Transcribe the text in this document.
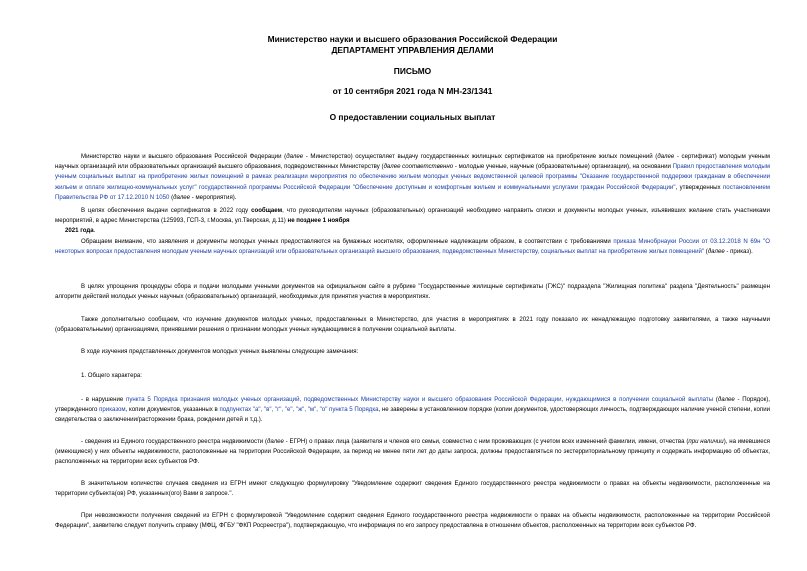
Министерство науки и высшего образования Российской Федерации
ДЕПАРТАМЕНТ УПРАВЛЕНИЯ ДЕЛАМИ
ПИСЬМО
от 10 сентября 2021 года N МН-23/1341
О предоставлении социальных выплат
Министерство науки и высшего образования Российской Федерации (далее - Министерство) осуществляет выдачу государственных жилищных сертификатов на приобретение жилых помещений (далее - сертификат) молодым ученым научных организаций или образовательных организаций высшего образования, подведомственных Министерству (далее соответственно - молодые ученые, научные (образовательные) организации), на основании Правил предоставления молодым ученым социальных выплат на приобретение жилых помещений в рамках реализации мероприятия по обеспечению жильем молодых ученых ведомственной целевой программы "Оказание государственной поддержки гражданам в обеспечении жильем и оплате жилищно-коммунальных услуг" государственной программы Российской Федерации "Обеспечение доступным и комфортным жильем и коммунальными услугами граждан Российской Федерации", утвержденных постановлением Правительства РФ от 17.12.2010 N 1050 (далее - мероприятия).
В целях обеспечения выдачи сертификатов в 2022 году сообщаем, что руководителям научных (образовательных) организаций необходимо направить списки и документы молодых ученых, изъявивших желание стать участниками мероприятий, в адрес Министерства (125993, ГСП-3, г.Москва, ул.Тверская, д.11) не позднее 1 ноября
2021 года.
Обращаем внимание, что заявления и документы молодых ученых предоставляются на бумажных носителях, оформленные надлежащим образом, в соответствии с требованиями приказа Минобрнауки России от 03.12.2018 N 69н "О некоторых вопросах предоставления молодым ученым научных организаций или образовательных организаций высшего образования, подведомственных Министерству, социальных выплат на приобретение жилых помещений" (далее - приказ).
В целях упрощения процедуры сбора и подачи молодыми учеными документов на официальном сайте в рубрике "Государственные жилищные сертификаты (ГЖС)" подраздела "Жилищная политика" раздела "Деятельность" размещен алгоритм действий молодых ученых научных (образовательных) организаций, необходимых для принятия участия в мероприятиях.
Также дополнительно сообщаем, что изучение документов молодых ученых, предоставленных в Министерство, для участия в мероприятиях в 2021 году показало их ненадлежащую подготовку заявителями, а также научными (образовательными) организациями, принявшими решения о признании молодых ученых нуждающимися в получении социальной выплаты.
В ходе изучения представленных документов молодых ученых выявлены следующие замечания:
1. Общего характера:
- в нарушение пункта 5 Порядка признания молодых ученых организаций, подведомственных Министерству науки и высшего образования Российской Федерации, нуждающимися в получении социальной выплаты (далее - Порядок), утвержденного приказом, копии документов, указанных в подпунктах "а", "в", "г", "е", "ж", "м", "о" пункта 5 Порядка, не заверены в установленном порядке (копии документов, удостоверяющих личность, подтверждающих наличие ученой степени, копии свидетельства о заключении/расторжении брака, рождении детей и т.д.).
- сведения из Единого государственного реестра недвижимости (далее - ЕГРН) о правах лица (заявителя и членов его семьи, совместно с ним проживающих (с учетом всех изменений фамилии, имени, отчества (при наличии), на имевшиеся (имеющиеся) у них объекты недвижимости, расположенные на территории Российской Федерации, за период не менее пяти лет до даты запроса, должны предоставляться по экстерриториальному принципу и содержать информацию об объектах, расположенных на территории всех субъектов РФ.
В значительном количестве случаев сведения из ЕГРН имеют следующую формулировку "Уведомление содержит сведения Единого государственного реестра недвижимости о правах на объекты недвижимости, расположенные на территории субъекта(ов) РФ, указанных(ого) Вами в запросе.".
При невозможности получения сведений из ЕГРН с формулировкой "Уведомление содержит сведения Единого государственного реестра недвижимости о правах на объекты недвижимости, расположенные на территории Российской Федерации", заявителю следует получить справку (МФЦ, ФГБУ "ФКП Росреестра"), подтверждающую, что информация по его запросу предоставлена в отношении объектов, расположенных на территории всех субъектов РФ.
